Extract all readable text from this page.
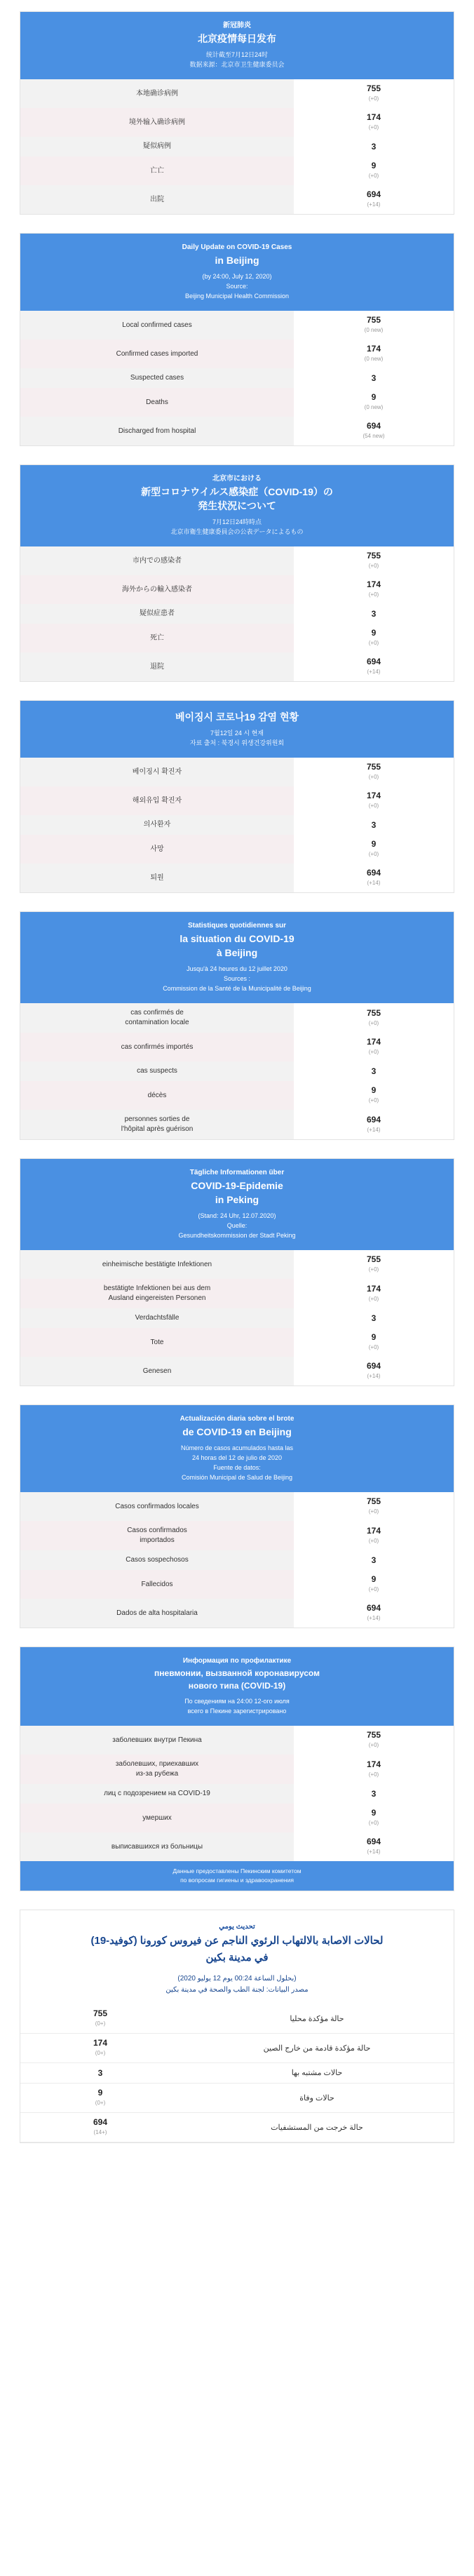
新冠肺炎
北京疫情每日发布
统计截至7月12日24时
数据来源：北京市卫生健康委员会
本地确诊病例	755
(+0)

境外输入确诊病例	174
(+0)

疑似病例	3

亡亡	9
(+0)

出院	694
(+14)
Daily Update on COVID-19 Cases
in Beijing
(by 24:00, July 12, 2020)
Source:
Beijing Municipal Health Commission
Local confirmed cases	755
(0 new)

Confirmed cases imported	174
(0 new)

Suspected cases	3

Deaths	9
(0 new)

Discharged from hospital	694
(54 new)
北京市における
新型コロナウイルス感染症（COVID-19）の
発生状況について
7月12日24時時点
北京市衛生健康委員会の公表データによるもの
市内での感染者	755
(+0)

海外からの輸入感染者	174
(+0)

疑似症患者	3

死亡	9
(+0)

退院	694
(+14)
베이징시 코로나19 감염 현황
7월12일 24 시 현재
자료 출처 : 북경시 위생건강위원회
베이징시 확진자	755
(+0)

해외유입 확진자	174
(+0)

의사환자	3

사망	9
(+0)

퇴원	694
(+14)
Statistiques quotidiennes sur
la situation du COVID-19
à Beijing
Jusqu'à 24 heures du 12 juillet 2020
Sources :
Commission de la Santé de la Municipalité de Beijing
cas confirmés de
contamination locale	755
(+0)

cas confirmés importés	174
(+0)

cas suspects	3

décès	9
(+0)

personnes sorties de
l'hôpital après guérison	694
(+14)
Tägliche Informationen über
COVID-19-Epidemie
in Peking
(Stand: 24 Uhr, 12.07.2020)
Quelle:
Gesundheitskommission der Stadt Peking
einheimische bestätigte Infektionen	755
(+0)

bestätigte Infektionen bei aus dem
Ausland eingereisten Personen	174
(+0)

Verdachtsfälle	3

Tote	9
(+0)

Genesen	694
(+14)
Actualización diaria sobre el brote
de COVID-19 en Beijing
Número de casos acumulados hasta las
24 horas del 12 de julio de 2020
Fuente de datos:
Comisión Municipal de Salud de Beijing
Casos confirmados locales	755
(+0)

Casos confirmados
importados	174
(+0)

Casos sospechosos	3

Fallecidos	9
(+0)

Dados de alta hospitalaria	694
(+14)
Информация по профилактике
пневмонии, вызванной коронавирусом
нового типа (COVID-19)
По сведениям на 24:00 12-ого июля
всего в Пекине зарегистрировано
заболевших внутри Пекина	755
(+0)

заболевших, приехавших
из-за рубежа	174
(+0)

лиц с подозрением на COVID-19	3

умерших	9
(+0)

выписавшихся из больницы	694
(+14)
Данные предоставлены Пекинским комитетом
по вопросам гигиены и здравоохранения
تحديث يومي
لحالات الاصابة بالالتهاب الرئوي الناجم عن فيروس كورونا (كوفيد-19)
في مدينة بكين
(بحلول الساعة 00:24 يوم 12 يوليو 2020)
مصدر البيانات: لجنة الطب والصحة في مدينة بكين
حالة مؤكدة محليا	755
(+0)

حالة مؤكدة قادمة من خارج الصين	174
(+0)

حالات مشتبه بها	3

حالات وفاة	9
(+0)

حالة خرجت من المستشفيات	694
(+14)
